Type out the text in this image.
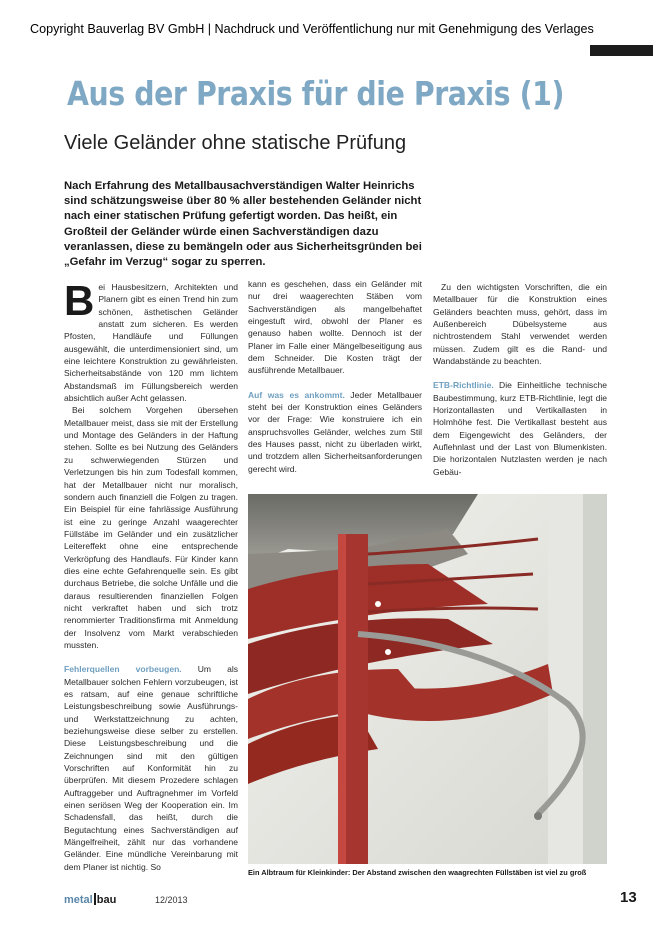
Copyright Bauverlag BV GmbH | Nachdruck und Veröffentlichung nur mit Genehmigung des Verlages
Aus der Praxis für die Praxis (1)
Viele Geländer ohne statische Prüfung
Nach Erfahrung des Metallbausachverständigen Walter Heinrichs sind schätzungsweise über 80 % aller bestehenden Geländer nicht nach einer statischen Prüfung gefertigt worden. Das heißt, ein Großteil der Geländer würde einen Sachverständigen dazu veranlassen, diese zu bemängeln oder aus Sicherheitsgründen bei „Gefahr im Verzug“ sogar zu sperren.

Bei Hausbesitzern, Architekten und Planern gibt es einen Trend hin zum schönen, ästhetischen Geländer anstatt zum sicheren. Es werden Pfosten, Handläufe und Füllungen ausgewählt, die unterdimensioniert sind, um eine leichtere Konstruktion zu gewährleisten. Sicherheitsabstände von 120 mm lichtem Abstandsmaß im Füllungsbereich werden absichtlich außer Acht gelassen.

Bei solchem Vorgehen übersehen Metallbauer meist, dass sie mit der Erstellung und Montage des Geländers in der Haftung stehen. Sollte es bei Nutzung des Geländers zu schwerwiegenden Stürzen und Verletzungen bis hin zum Todesfall kommen, hat der Metallbauer nicht nur moralisch, sondern auch finanziell die Folgen zu tragen. Ein Beispiel für eine fahrlässige Ausführung ist eine zu geringe Anzahl waagerechter Füllstäbe im Geländer und ein zusätzlicher Leitereffekt ohne eine entsprechende Verkröpfung des Handlaufs. Für Kinder kann dies eine echte Gefahrenquelle sein. Es gibt durchaus Betriebe, die solche Unfälle und die daraus resultierenden finanziellen Folgen nicht verkraftet haben und sich trotz renommierter Traditionsfirma mit Anmeldung der Insolvenz vom Markt verabschieden mussten.

Fehlerquellen vorbeugen. Um als Metallbauer solchen Fehlern vorzubeugen, ist es ratsam, auf eine genaue schriftliche Leistungsbeschreibung sowie Ausführungs- und Werkstattzeichnung zu achten, beziehungsweise diese selber zu erstellen. Diese Leistungsbeschreibung und die Zeichnungen sind mit den gültigen Vorschriften auf Konformität hin zu überprüfen. Mit diesem Prozedere schlagen Auftraggeber und Auftragnehmer im Vorfeld einen seriösen Weg der Kooperation ein. Im Schadensfall, das heißt, durch die Begutachtung eines Sachverständigen auf Mängelfreiheit, zählt nur das vorhandene Geländer. Eine mündliche Vereinbarung mit dem Planer ist nichtig. So

kann es geschehen, dass ein Geländer mit nur drei waagerechten Stäben vom Sachverständigen als mangelbehaftet eingestuft wird, obwohl der Planer es genauso haben wollte. Dennoch ist der Planer im Falle einer Mängelbeseitigung aus dem Schneider. Die Kosten trägt der ausführende Metallbauer.

Auf was es ankommt. Jeder Metallbauer steht bei der Konstruktion eines Geländers vor der Frage: Wie konstruiere ich ein anspruchsvolles Geländer, welches zum Stil des Hauses passt, nicht zu überladen wirkt, und trotzdem allen Sicherheitsanforderungen gerecht wird.

Zu den wichtigsten Vorschriften, die ein Metallbauer für die Konstruktion eines Geländers beachten muss, gehört, dass im Außenbereich Dübelsysteme aus nichtrostendem Stahl verwendet werden müssen. Zudem gilt es die Rand- und Wandabstände zu beachten.

ETB-Richtlinie. Die Einheitliche technische Baubestimmung, kurz ETB-Richtlinie, legt die Horizontallasten und Vertikallasten in Holmhöhe fest. Die Vertikallast besteht aus dem Eigengewicht des Geländers, der Auflehnlast und der Last von Blumenkisten. Die horizontalen Nutzlasten werden je nach Gebäu-

Ein Albtraum für Kleinkinder: Der Abstand zwischen den waagrechten Füllstäben ist viel zu groß
metal bau	12/2013	13
